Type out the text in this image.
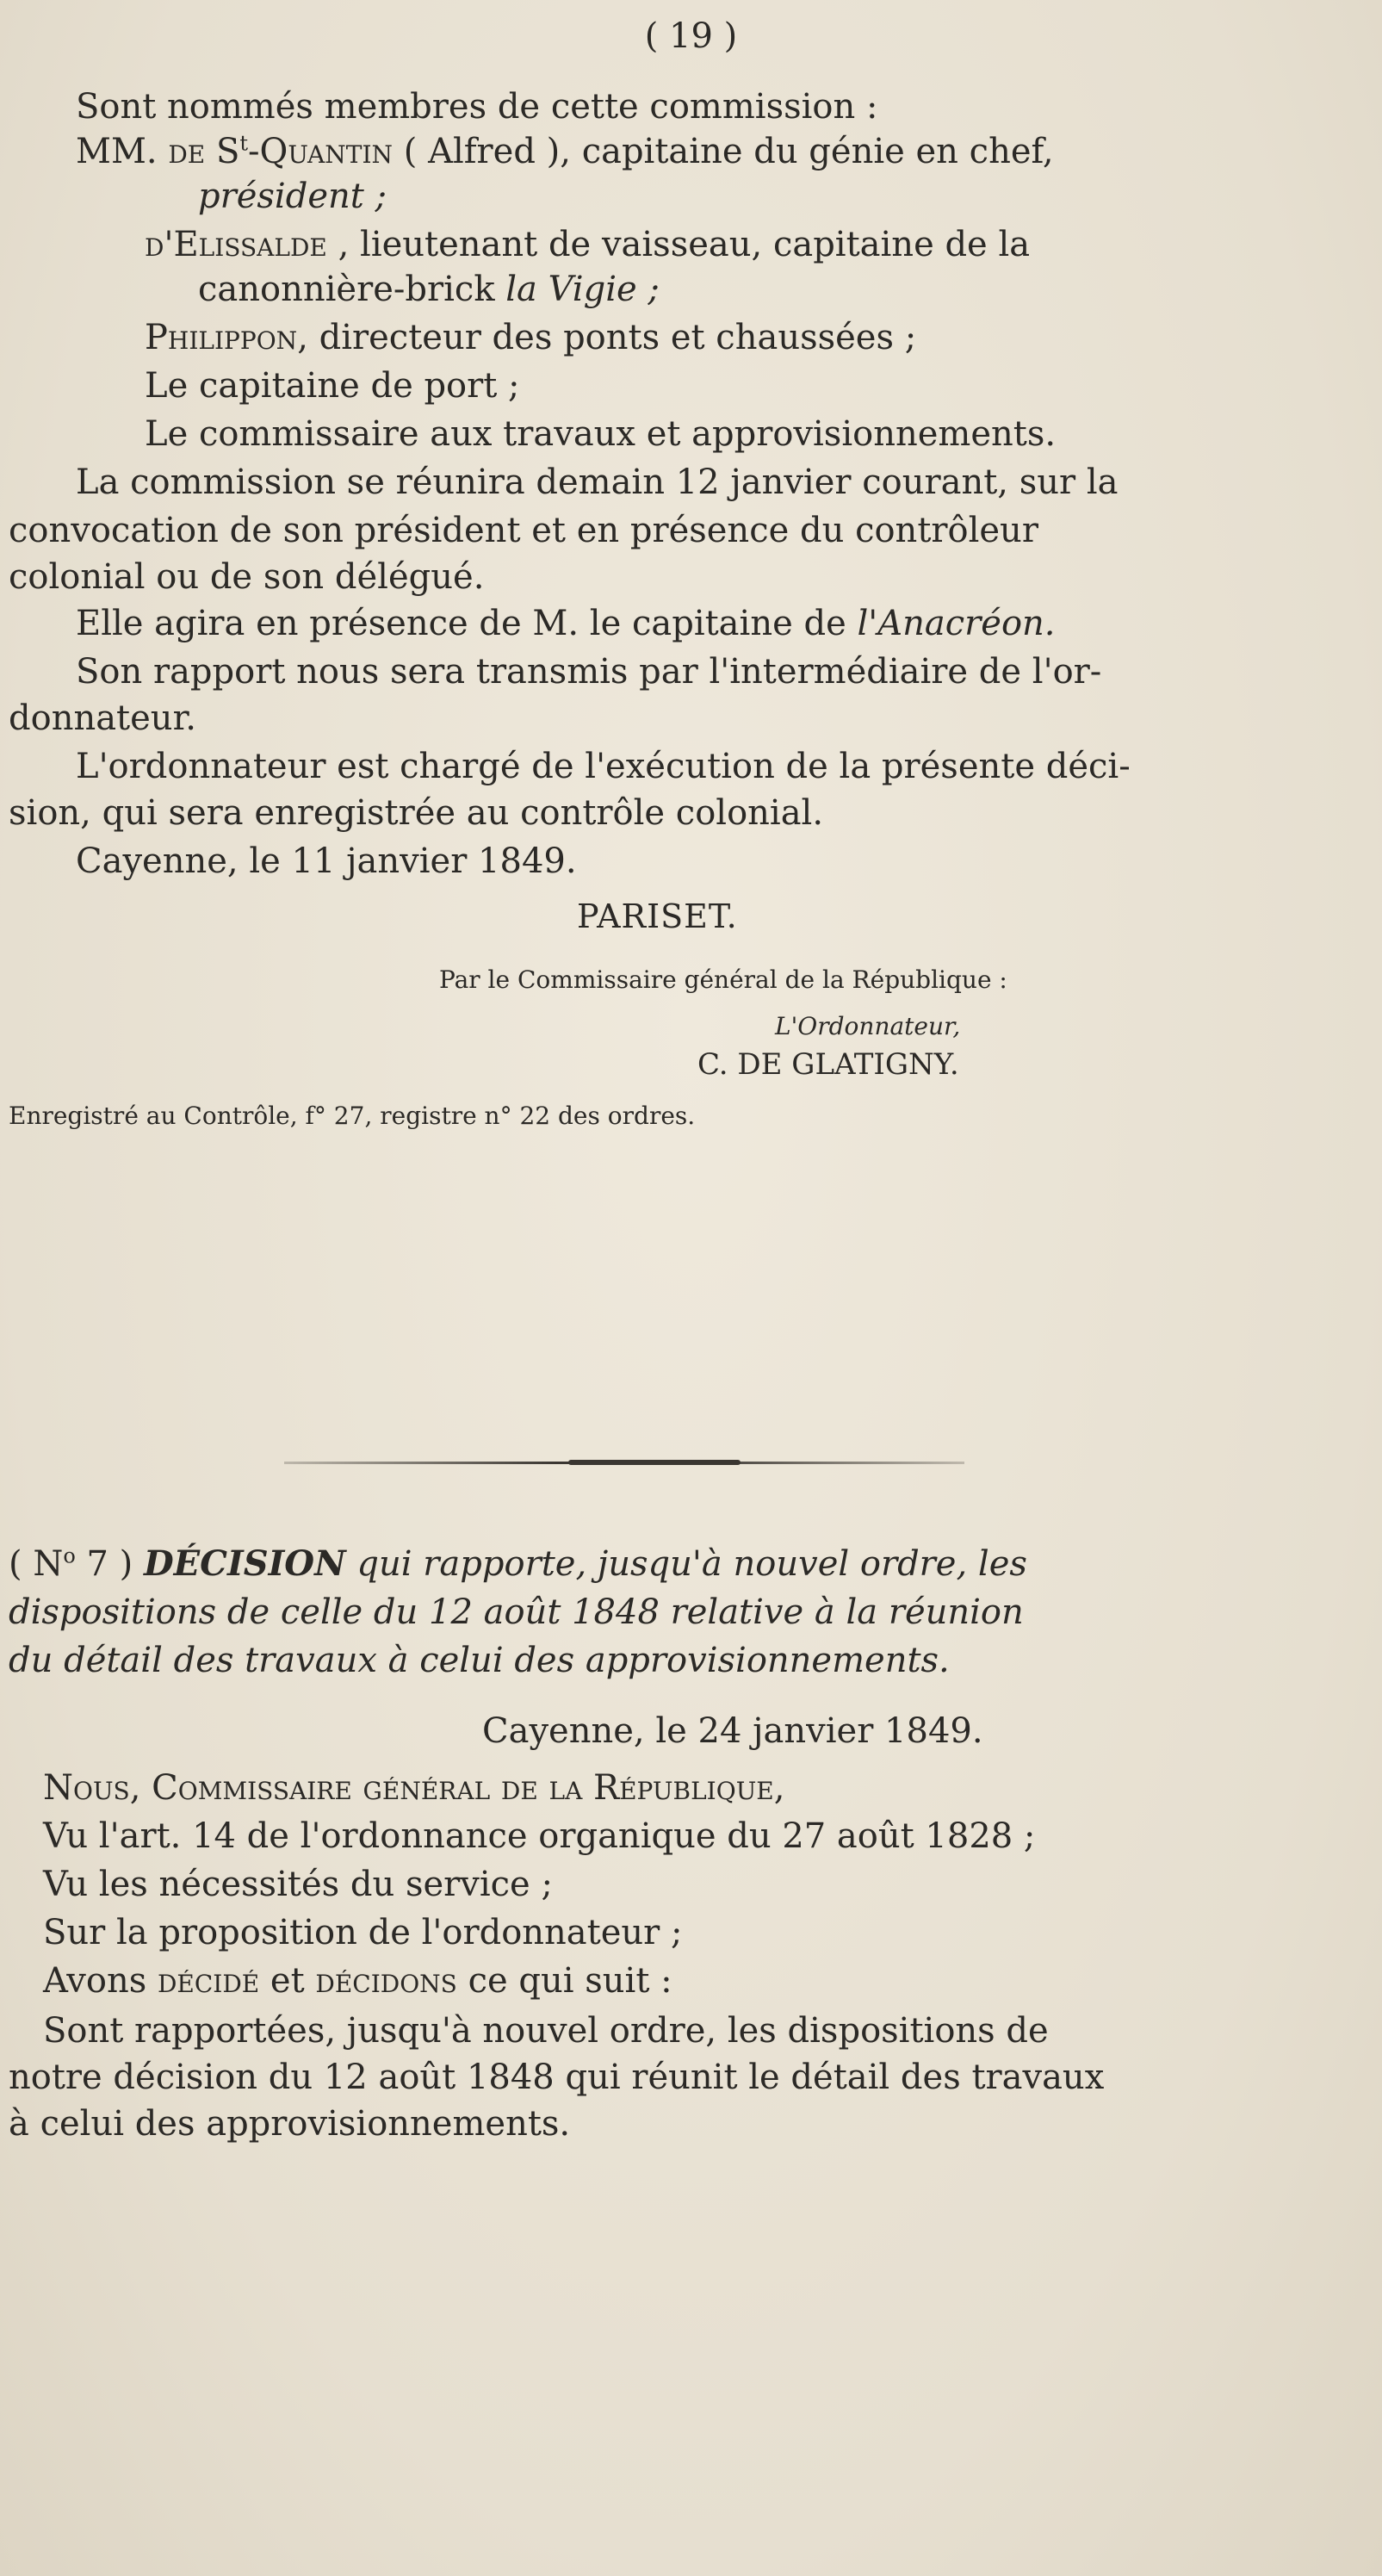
( 19 )
Sont nommés membres de cette commission :
MM. de $S^t$-Quantin ( Alfred ), capitaine du génie en chef,
président ;
d'Elissalde , lieutenant de vaisseau, capitaine de la
canonnière-brick la Vigie ;
Philippon, directeur des ponts et chaussées ;
Le capitaine de port ;
Le commissaire aux travaux et approvisionnements.
La commission se réunira demain 12 janvier courant, sur la
convocation de son président et en présence du contrôleur
colonial ou de son délégué.
Elle agira en présence de M. le capitaine de l'Anacréon.
Son rapport nous sera transmis par l'intermédiaire de l'or-
donnateur.
L'ordonnateur est chargé de l'exécution de la présente déci-
sion, qui sera enregistrée au contrôle colonial.
Cayenne, le 11 janvier 1849.
PARISET.
Par le Commissaire général de la République :
L'Ordonnateur,
C. DE GLATIGNY.
Enregistré au Contrôle, f° 27, registre n° 22 des ordres.
( $N^o$ 7 ) DÉCISION qui rapporte, jusqu'à nouvel ordre, les
dispositions de celle du 12 août 1848 relative à la réunion
du détail des travaux à celui des approvisionnements.
Cayenne, le 24 janvier 1849.
Nous, Commissaire général de la République,
Vu l'art. 14 de l'ordonnance organique du 27 août 1828 ;
Vu les nécessités du service ;
Sur la proposition de l'ordonnateur ;
Avons décidé et décidons ce qui suit :
Sont rapportées, jusqu'à nouvel ordre, les dispositions de
notre décision du 12 août 1848 qui réunit le détail des travaux
à celui des approvisionnements.
